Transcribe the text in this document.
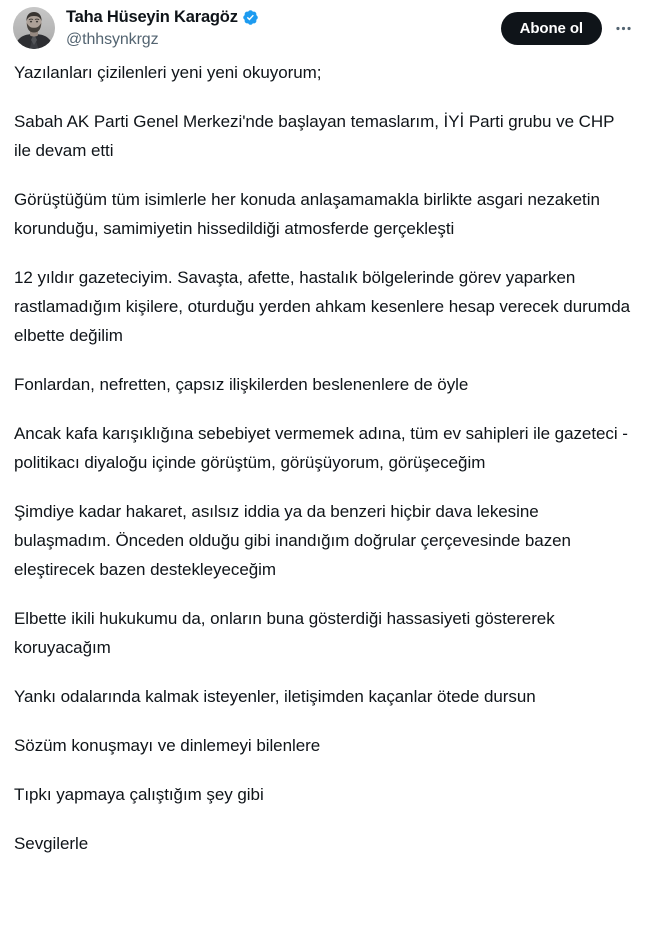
Taha Hüseyin Karagöz
@thhsynkrgz
Abone ol

Yazılanları çizilenleri yeni yeni okuyorum;

Sabah AK Parti Genel Merkezi'nde başlayan temaslarım, İYİ Parti grubu ve CHP ile devam etti

Görüştüğüm tüm isimlerle her konuda anlaşamamakla birlikte asgari nezaketin korunduğu, samimiyetin hissedildiği atmosferde gerçekleşti

12 yıldır gazeteciyim. Savaşta, afette, hastalık bölgelerinde görev yaparken rastlamadığım kişilere, oturduğu yerden ahkam kesenlere hesap verecek durumda elbette değilim

Fonlardan, nefretten, çapsız ilişkilerden beslenenlere de öyle

Ancak kafa karışıklığına sebebiyet vermemek adına, tüm ev sahipleri ile gazeteci - politikacı diyaloğu içinde görüştüm, görüşüyorum, görüşeceğim

Şimdiye kadar hakaret, asılsız iddia ya da benzeri hiçbir dava lekesine bulaşmadım. Önceden olduğu gibi inandığım doğrular çerçevesinde bazen eleştirecek bazen destekleyeceğim

Elbette ikili hukukumu da, onların buna gösterdiği hassasiyeti göstererek koruyacağım

Yankı odalarında kalmak isteyenler, iletişimden kaçanlar ötede dursun

Sözüm konuşmayı ve dinlemeyi bilenlere

Tıpkı yapmaya çalıştığım şey gibi

Sevgilerle
